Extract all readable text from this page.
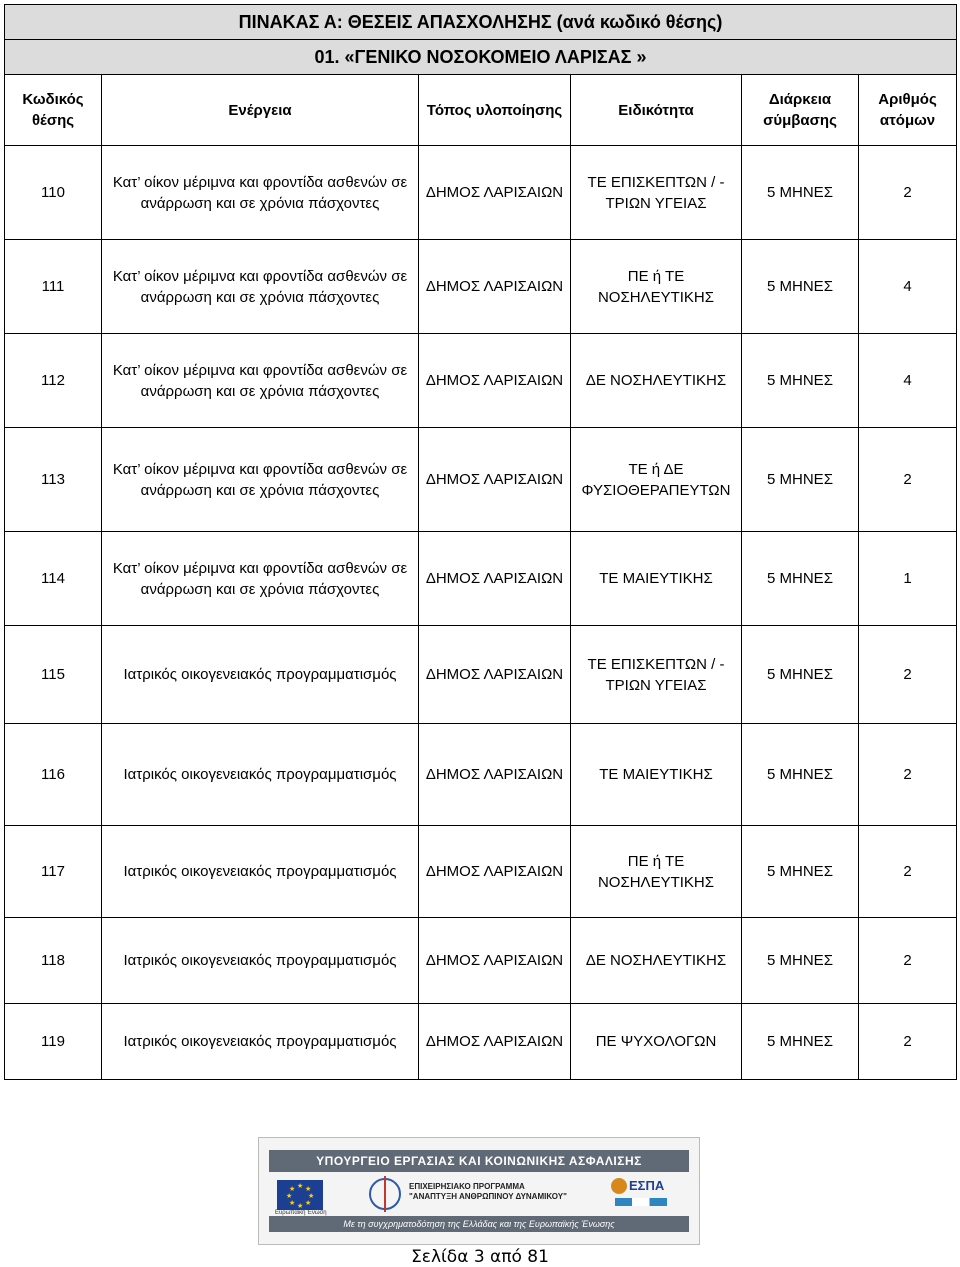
ΠΙΝΑΚΑΣ Α: ΘΕΣΕΙΣ ΑΠΑΣΧΟΛΗΣΗΣ (ανά κωδικό θέσης)					
01. «ΓΕΝΙΚΟ ΝΟΣΟΚΟΜΕΙΟ ΛΑΡΙΣΑΣ »					
Κωδικός θέσης	Ενέργεια	Τόπος υλοποίησης	Ειδικότητα	Διάρκεια σύμβασης	Αριθμός ατόμων
110	Κατ’ οίκον μέριμνα και φροντίδα ασθενών σε ανάρρωση και σε χρόνια πάσχοντες	ΔΗΜΟΣ ΛΑΡΙΣΑΙΩΝ	ΤΕ ΕΠΙΣΚΕΠΤΩΝ / - ΤΡΙΩΝ ΥΓΕΙΑΣ	5 ΜΗΝΕΣ	2
111	Κατ’ οίκον μέριμνα και φροντίδα ασθενών σε ανάρρωση και σε χρόνια πάσχοντες	ΔΗΜΟΣ ΛΑΡΙΣΑΙΩΝ	ΠΕ ή ΤΕ ΝΟΣΗΛΕΥΤΙΚΗΣ	5 ΜΗΝΕΣ	4
112	Κατ’ οίκον μέριμνα και φροντίδα ασθενών σε ανάρρωση και σε χρόνια πάσχοντες	ΔΗΜΟΣ ΛΑΡΙΣΑΙΩΝ	ΔΕ ΝΟΣΗΛΕΥΤΙΚΗΣ	5 ΜΗΝΕΣ	4
113	Κατ’ οίκον μέριμνα και φροντίδα ασθενών σε ανάρρωση και σε χρόνια πάσχοντες	ΔΗΜΟΣ ΛΑΡΙΣΑΙΩΝ	ΤΕ ή ΔΕ ΦΥΣΙΟΘΕΡΑΠΕΥΤΩΝ	5 ΜΗΝΕΣ	2
114	Κατ’ οίκον μέριμνα και φροντίδα ασθενών σε ανάρρωση και σε χρόνια πάσχοντες	ΔΗΜΟΣ ΛΑΡΙΣΑΙΩΝ	ΤΕ ΜΑΙΕΥΤΙΚΗΣ	5 ΜΗΝΕΣ	1
115	Ιατρικός οικογενειακός προγραμματισμός	ΔΗΜΟΣ ΛΑΡΙΣΑΙΩΝ	ΤΕ ΕΠΙΣΚΕΠΤΩΝ / - ΤΡΙΩΝ ΥΓΕΙΑΣ	5 ΜΗΝΕΣ	2
116	Ιατρικός οικογενειακός προγραμματισμός	ΔΗΜΟΣ ΛΑΡΙΣΑΙΩΝ	ΤΕ ΜΑΙΕΥΤΙΚΗΣ	5 ΜΗΝΕΣ	2
117	Ιατρικός οικογενειακός προγραμματισμός	ΔΗΜΟΣ ΛΑΡΙΣΑΙΩΝ	ΠΕ ή ΤΕ ΝΟΣΗΛΕΥΤΙΚΗΣ	5 ΜΗΝΕΣ	2
118	Ιατρικός οικογενειακός προγραμματισμός	ΔΗΜΟΣ ΛΑΡΙΣΑΙΩΝ	ΔΕ ΝΟΣΗΛΕΥΤΙΚΗΣ	5 ΜΗΝΕΣ	2
119	Ιατρικός οικογενειακός προγραμματισμός	ΔΗΜΟΣ ΛΑΡΙΣΑΙΩΝ	ΠΕ ΨΥΧΟΛΟΓΩΝ	5 ΜΗΝΕΣ	2
ΥΠΟΥΡΓΕΙΟ ΕΡΓΑΣΙΑΣ ΚΑΙ ΚΟΙΝΩΝΙΚΗΣ ΑΣΦΑΛΙΣΗΣ
★ ★
★
★
★
★
★
★
Ευρωπαϊκή Ένωση
ΕΠΙΧΕΙΡΗΣΙΑΚΟ ΠΡΟΓΡΑΜΜΑ
"ΑΝΑΠΤΥΞΗ ΑΝΘΡΩΠΙΝΟΥ ΔΥΝΑΜΙΚΟΥ"
ΕΣΠΑ
Με τη συγχρηματοδότηση της Ελλάδας και της Ευρωπαϊκής Ένωσης
Σελίδα 3 από 81
